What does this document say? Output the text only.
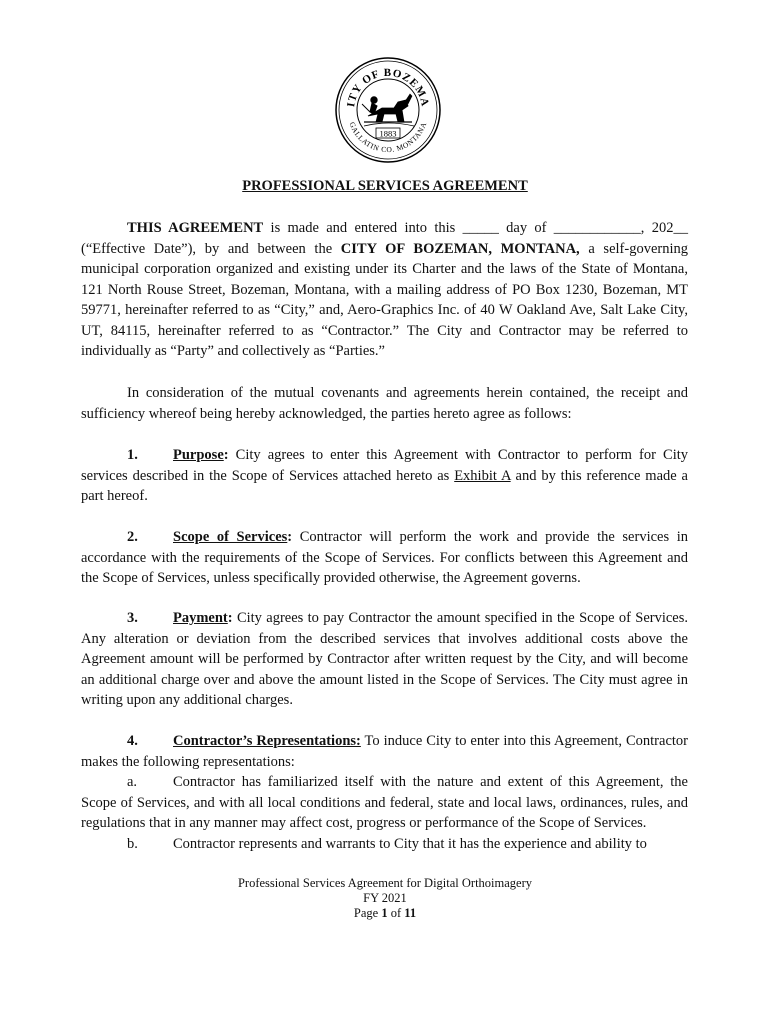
ITY OF BOZEMA
GALLATIN CO. MONTANA
1883
PROFESSIONAL SERVICES AGREEMENT
THIS AGREEMENT is made and entered into this _____ day of ____________, 202__ (“Effective Date”), by and between the CITY OF BOZEMAN, MONTANA, a self-governing municipal corporation organized and existing under its Charter and the laws of the State of Montana, 121 North Rouse Street, Bozeman, Montana, with a mailing address of PO Box 1230, Bozeman, MT 59771, hereinafter referred to as “City,” and, Aero-Graphics Inc. of 40 W Oakland Ave, Salt Lake City, UT, 84115, hereinafter referred to as “Contractor.” The City and Contractor may be referred to individually as “Party” and collectively as “Parties.”
In consideration of the mutual covenants and agreements herein contained, the receipt and sufficiency whereof being hereby acknowledged, the parties hereto agree as follows:
1. Purpose: City agrees to enter this Agreement with Contractor to perform for City services described in the Scope of Services attached hereto as Exhibit A and by this reference made a part hereof.
2. Scope of Services: Contractor will perform the work and provide the services in accordance with the requirements of the Scope of Services. For conflicts between this Agreement and the Scope of Services, unless specifically provided otherwise, the Agreement governs.
3. Payment: City agrees to pay Contractor the amount specified in the Scope of Services. Any alteration or deviation from the described services that involves additional costs above the Agreement amount will be performed by Contractor after written request by the City, and will become an additional charge over and above the amount listed in the Scope of Services. The City must agree in writing upon any additional charges.

4. Contractor’s Representations: To induce City to enter into this Agreement, Contractor makes the following representations:

a. Contractor has familiarized itself with the nature and extent of this Agreement, the Scope of Services, and with all local conditions and federal, state and local laws, ordinances, rules, and regulations that in any manner may affect cost, progress or performance of the Scope of Services.

b. Contractor represents and warrants to City that it has the experience and ability to

Professional Services Agreement for Digital Orthoimagery
FY 2021
Page 1 of 11
